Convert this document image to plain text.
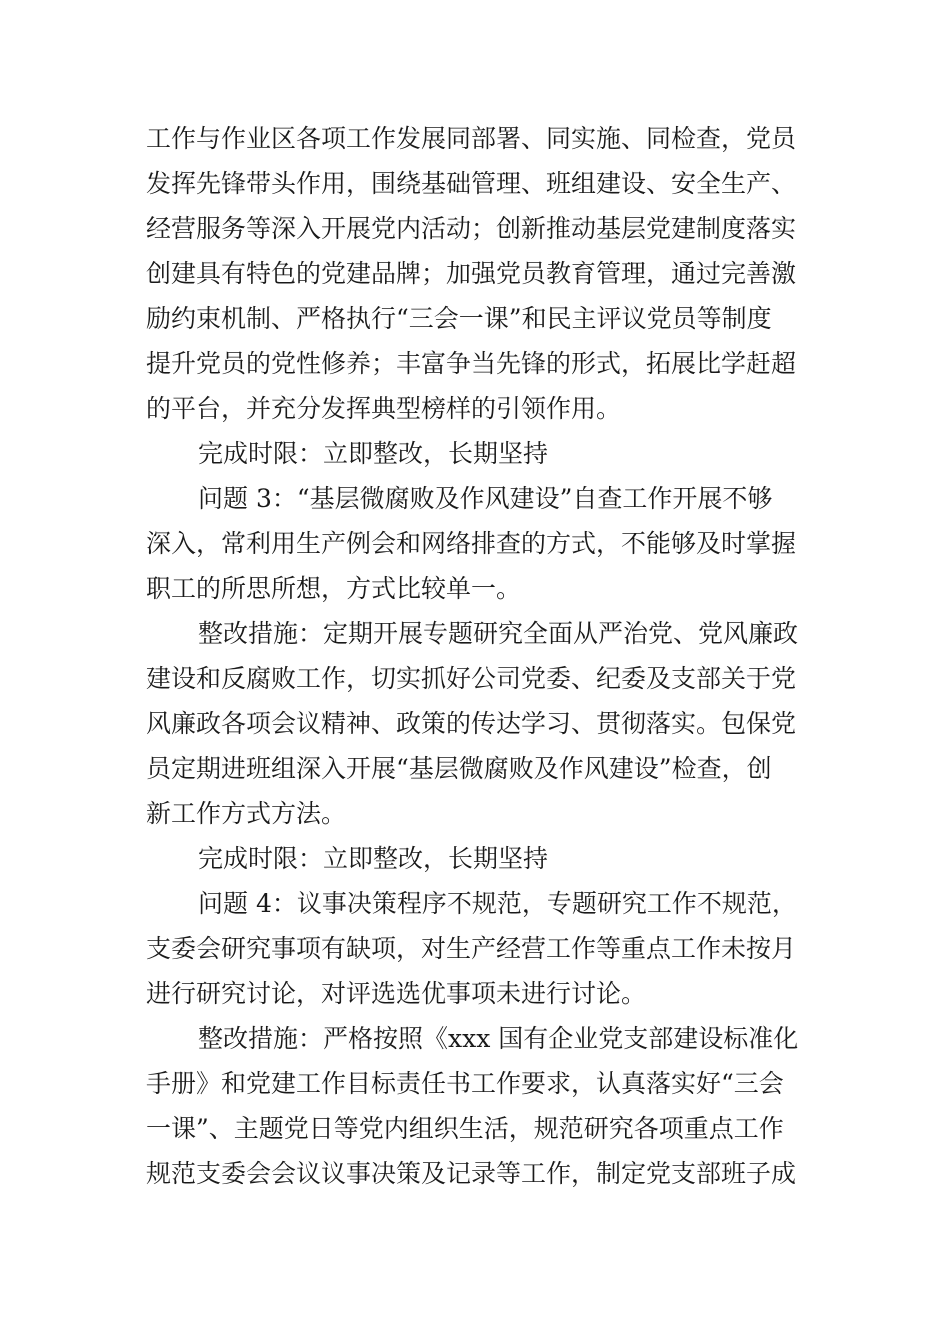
工作与作业区各项工作发展同部署、同实施、同检查，党员
发挥先锋带头作用，围绕基础管理、班组建设、安全生产、
经营服务等深入开展党内活动；创新推动基层党建制度落实
创建具有特色的党建品牌；加强党员教育管理，通过完善激
励约束机制、严格执行“三会一课”和民主评议党员等制度
提升党员的党性修养；丰富争当先锋的形式，拓展比学赶超
的平台，并充分发挥典型榜样的引领作用。
完成时限：立即整改，长期坚持
问题 3：“基层微腐败及作风建设”自查工作开展不够
深入，常利用生产例会和网络排查的方式，不能够及时掌握
职工的所思所想，方式比较单一。
整改措施：定期开展专题研究全面从严治党、党风廉政
建设和反腐败工作，切实抓好公司党委、纪委及支部关于党
风廉政各项会议精神、政策的传达学习、贯彻落实。包保党
员定期进班组深入开展“基层微腐败及作风建设”检查，创
新工作方式方法。
完成时限：立即整改，长期坚持
问题 4：议事决策程序不规范，专题研究工作不规范，
支委会研究事项有缺项，对生产经营工作等重点工作未按月
进行研究讨论，对评选选优事项未进行讨论。
整改措施：严格按照《xxx 国有企业党支部建设标准化
手册》和党建工作目标责任书工作要求，认真落实好“三会
一课”、主题党日等党内组织生活，规范研究各项重点工作
规范支委会会议议事决策及记录等工作，制定党支部班子成
